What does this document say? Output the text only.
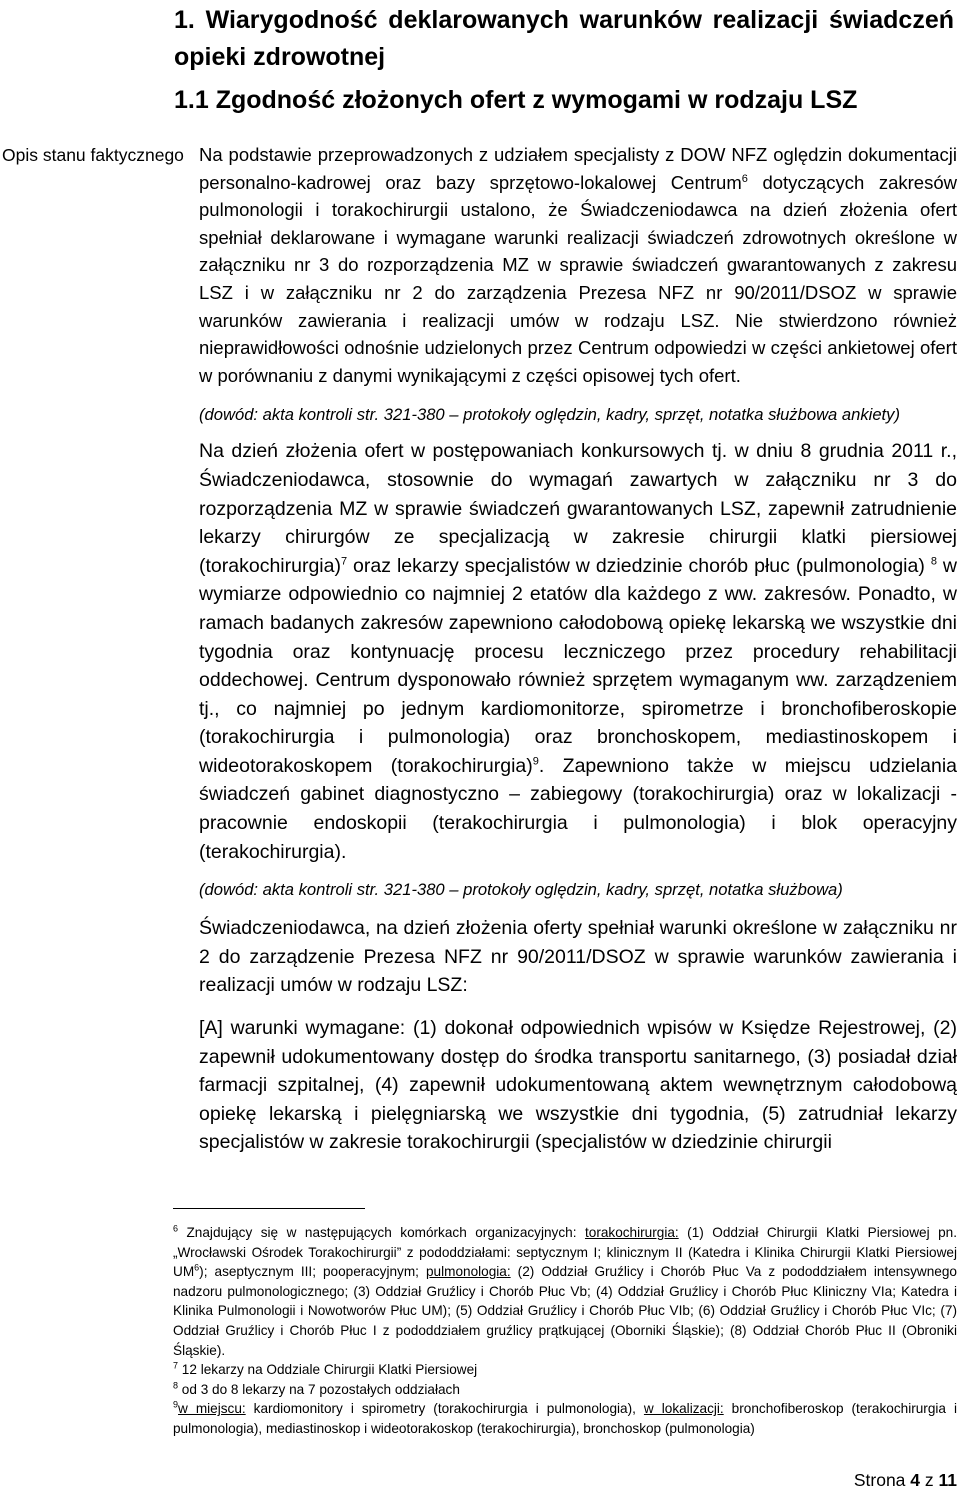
1. Wiarygodność deklarowanych warunków realizacji świadczeń opieki zdrowotnej
1.1 Zgodność złożonych ofert z wymogami w rodzaju LSZ
Opis stanu faktycznego Na podstawie przeprowadzonych z udziałem specjalisty z DOW NFZ oględzin dokumentacji personalno-kadrowej oraz bazy sprzętowo-lokalowej Centrum$^6$ dotyczących zakresów pulmonologii i torakochirurgii ustalono, że Świadczeniodawca na dzień złożenia ofert spełniał deklarowane i wymagane warunki realizacji świadczeń zdrowotnych określone w załączniku nr 3 do rozporządzenia MZ w sprawie świadczeń gwarantowanych z zakresu LSZ i w załączniku nr 2 do zarządzenia Prezesa NFZ nr 90/2011/DSOZ w sprawie warunków zawierania i realizacji umów w rodzaju LSZ. Nie stwierdzono również nieprawidłowości odnośnie udzielonych przez Centrum odpowiedzi w części ankietowej ofert w porównaniu z danymi wynikającymi z części opisowej tych ofert.

(dowód: akta kontroli str. 321-380 – protokoły oględzin, kadry, sprzęt, notatka służbowa ankiety)

Na dzień złożenia ofert w postępowaniach konkursowych tj. w dniu 8 grudnia 2011 r., Świadczeniodawca, stosownie do wymagań zawartych w załączniku nr 3 do rozporządzenia MZ w sprawie świadczeń gwarantowanych LSZ, zapewnił zatrudnienie lekarzy chirurgów ze specjalizacją w zakresie chirurgii klatki piersiowej (torakochirurgia)$^7$ oraz lekarzy specjalistów w dziedzinie chorób płuc (pulmonologia) $^8$ w wymiarze odpowiednio co najmniej 2 etatów dla każdego z ww. zakresów. Ponadto, w ramach badanych zakresów zapewniono całodobową opiekę lekarską we wszystkie dni tygodnia oraz kontynuację procesu leczniczego przez procedury rehabilitacji oddechowej. Centrum dysponowało również sprzętem wymaganym ww. zarządzeniem tj., co najmniej po jednym kardiomonitorze, spirometrze i bronchofiberoskopie (torakochirurgia i pulmonologia) oraz bronchoskopem, mediastinoskopem i wideotorakoskopem (torakochirurgia)$^9$. Zapewniono także w miejscu udzielania świadczeń gabinet diagnostyczno – zabiegowy (torakochirurgia) oraz w lokalizacji - pracownie endoskopii (terakochirurgia i pulmonologia) i blok operacyjny (terakochirurgia).

(dowód: akta kontroli str. 321-380 – protokoły oględzin, kadry, sprzęt, notatka służbowa)

Świadczeniodawca, na dzień złożenia oferty spełniał warunki określone w załączniku nr 2 do zarządzenie Prezesa NFZ nr 90/2011/DSOZ w sprawie warunków zawierania i realizacji umów w rodzaju LSZ:

[A] warunki wymagane: (1) dokonał odpowiednich wpisów w Księdze Rejestrowej, (2) zapewnił udokumentowany dostęp do środka transportu sanitarnego, (3) posiadał dział farmacji szpitalnej, (4) zapewnił udokumentowaną aktem wewnętrznym całodobową opiekę lekarską i pielęgniarską we wszystkie dni tygodnia, (5) zatrudniał lekarzy specjalistów w zakresie torakochirurgii (specjalistów w dziedzinie chirurgii

$^6$ Znajdujący się w następujących komórkach organizacyjnych: torakochirurgia: (1) Oddział Chirurgii Klatki Piersiowej pn. „Wrocławski Ośrodek Torakochirurgii” z pododdziałami: septycznym I; klinicznym II (Katedra i Klinika Chirurgii Klatki Piersiowej $UM^6$); aseptycznym III; pooperacyjnym; pulmonologia: (2) Oddział Gruźlicy i Chorób Płuc Va z pododdziałem intensywnego nadzoru pulmonologicznego; (3) Oddział Gruźlicy i Chorób Płuc Vb; (4) Oddział Gruźlicy i Chorób Płuc Kliniczny VIa; Katedra i Klinika Pulmonologii i Nowotworów Płuc UM); (5) Oddział Gruźlicy i Chorób Płuc VIb; (6) Oddział Gruźlicy i Chorób Płuc VIc; (7) Oddział Gruźlicy i Chorób Płuc I z pododdziałem gruźlicy prątkującej (Oborniki Śląskie); (8) Oddział Chorób Płuc II (Obroniki Śląskie).

$^7$ 12 lekarzy na Oddziale Chirurgii Klatki Piersiowej

$^8$ od 3 do 8 lekarzy na 7 pozostałych oddziałach

$^9$w miejscu: kardiomonitory i spirometry (torakochirurgia i pulmonologia), w lokalizacji: bronchofiberoskop (terakochirurgia i pulmonologia), mediastinoskop i wideotorakoskop (terakochirurgia), bronchoskop (pulmonologia)

Strona 4 z 11
